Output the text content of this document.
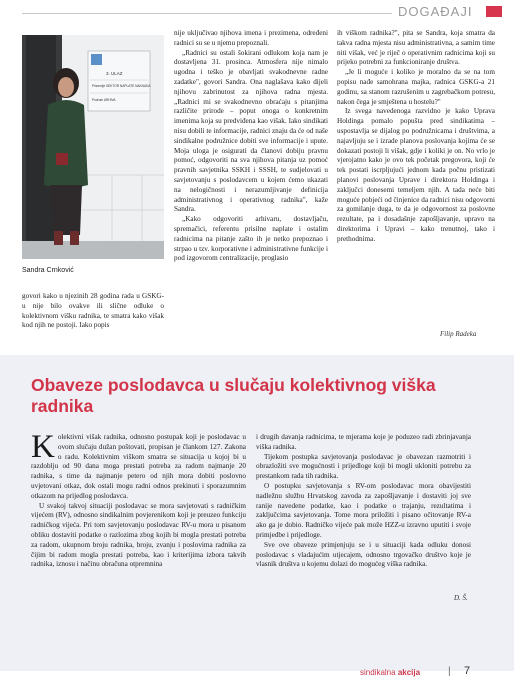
DOGAĐAJI
3. ULAZ
Prizemlje SEKTOR NAPLATE NAKNADA
Podrum ARHIVA
Sandra Crnković

govori kako u njezinih 28 godina rada u GSKG-u nije bilo ovakve ili slične odluke o kolektivnom višku radnika, te smatra kako višak kod njih ne postoji. Iako popis

nije uključivao njihova imena i prezimena, određeni radnici su se u njemu prepoznali.

„Radnici su ostali šokirani odlukom koja nam je dostavljena 31. prosinca. Atmosfera nije nimalo ugodna i teško je obavljati svakodnevne radne zadatke", govori Sandra. Ona naglašava kako dijeli njihovu zabrinutost za njihova radna mjesta. „Radnici mi se svakodnevno obraćaju s pitanjima različite prirode – poput onoga o konkretnim imenima koja su predviđena kao višak. Iako sindikati nisu dobili te informacije, radnici znaju da će od naše sindikalne podružnice dobiti sve informacije i upute. Moja uloga je osigurati da članovi dobiju pravnu pomoć, odgovoriti na sva njihova pitanja uz pomoć pravnih savjetnika SSKH i SSSH, te sudjelovati u savjetovanju s poslodavcem u kojem ćemo ukazati na nelogičnosti i nerazumljivanje definicija administrativnog i operativnog radnika", kaže Sandra.

„Kako odgovoriti arhivaru, dostavljaču, spremačici, referentu prisilne naplate i ostalim radnicima na pitanje zašto ih je netko prepoznao i strpao u tzv. korporativne i administrativne funkcije i pod izgovorom centralizacije, proglasio

ih viškom radnika?", pita se Sandra, koja smatra da takva radna mjesta nisu administrativna, a samim time niti višak, već je riječ o operativnim radnicima koji su prijeko potrebni za funkcioniranje društva.

„Je li moguće i koliko je moralno da se na tom popisu nađe samohrana majka, radnica GSKG-a 21 godinu, sa stanom razrušenim u zagrebačkom potresu, nakon čega je smještena u hostelu?"

Iz svega navedenoga razvidno je kako Uprava Holdinga pomalo popušta pred sindikatima – uspostavlja se dijalog po podružnicama i društvima, a najavljuju se i izrade planova poslovanja kojima će se dokazati postoji li višak, gdje i koliki je on. No vrlo je vjerojatno kako je ovo tek početak pregovora, koji će tek postati iscrpljujući jednom kada počnu pristizati planovi poslovanja Uprave i direktora Holdinga i zaključci donesemi temeljem njih. A tada neće biti moguće pobjeći od činjenice da radnici nisu odgovorni za gomilanje duga, te da je odgovornost za poslovne rezultate, pa i dosadašnje zapošljavanje, upravo na direktorima i Upravi – kako trenutnoj, tako i prethodnima.

Filip Radeka
Obaveze poslodavca u slučaju kolektivnog viška radnika

Kolektivni višak radnika, odnosno postupak koji je poslodavac u ovom slučaju dužan poštovati, propisan je člankom 127. Zakona o radu. Kolektivnim viškom smatra se situacija u kojoj bi u razdoblju od 90 dana moga prestati potreba za radom najmanje 20 radnika, s time da najmanje petero od njih mora dobiti poslovno uvjetovani otkaz, dok ostali mogu radni odnos prekinuti i sporazumnim otkazom na prijedlog poslodavca.

U svakoj takvoj situaciji poslodavac se mora savjetovati s radničkim vijećem (RV), odnosno sindikalnim povjerenikom koji je preuzeo funkciju radničkog vijeća. Pri tom savjetovanju poslodavac RV-u mora u pisanom obliku dostaviti podatke o razlozima zbog kojih bi mogla prestati potreba za radom, ukupnom broju radnika, broju, zvanju i poslovima radnika za čijim bi radom mogla prestati potreba, kao i kriterijima izbora takvih radnika, iznosu i načinu obračuna otpremnina

i drugih davanja radnicima, te mjerama koje je poduzeo radi zbrinjavanja viška radnika.

Tijekom postupka savjetovanja poslodavac je obavezan razmotriti i obrazložiti sve mogućnosti i prijedloge koji bi mogli ukloniti potrebu za prestankom rada tih radnika.

O postupku savjetovanja s RV-om poslodavac mora obavijestiti nadležnu službu Hrvatskog zavoda za zapošljavanje i dostaviti joj sve ranije navedene podatke, kao i podatke o trajanju, rezultatima i zaključcima savjetovanja. Tome mora priložiti i pisano očitovanje RV-a ako ga je dobio. Radničko vijeće pak može HZZ-u izravno uputiti i svoje primjedbe i prijedloge.

Sve ove obaveze primjenjuju se i u situaciji kada odluku donosi poslodavac s vladajućim utjecajem, odnosno trgovačko društvo koje je vlasnik društva u kojemu dolazi do mogućeg viška radnika.

D. Š.
sindikalna akcija	| 7
